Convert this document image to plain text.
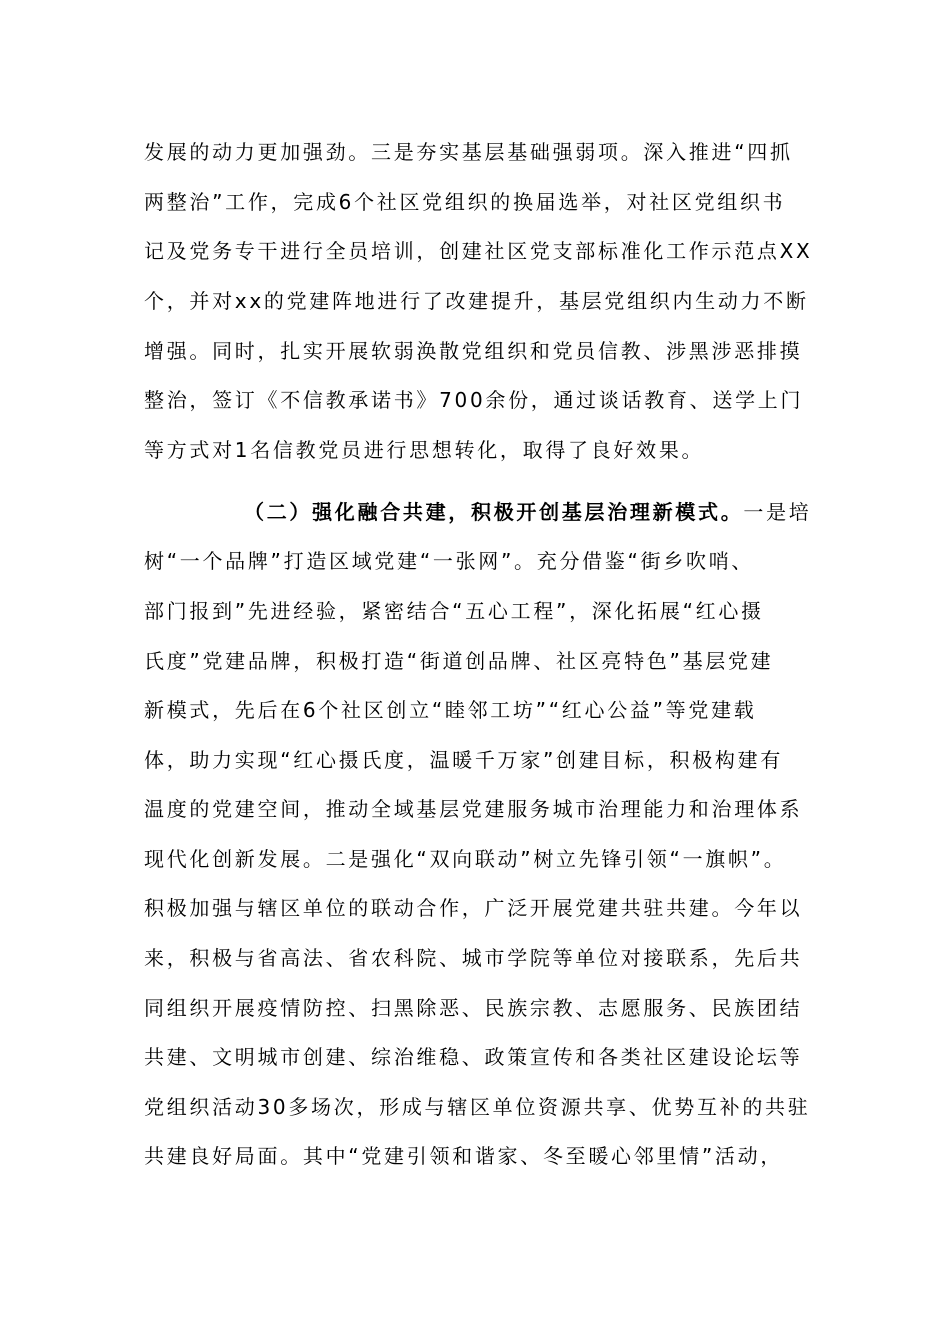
发展的动力更加强劲。三是夯实基层基础强弱项。深入推进“四抓
两整治”工作，完成6个社区党组织的换届选举，对社区党组织书
记及党务专干进行全员培训，创建社区党支部标准化工作示范点XX
个，并对xx的党建阵地进行了改建提升，基层党组织内生动力不断
增强。同时，扎实开展软弱涣散党组织和党员信教、涉黑涉恶排摸
整治，签订《不信教承诺书》700余份，通过谈话教育、送学上门
等方式对1名信教党员进行思想转化，取得了良好效果。
（二）强化融合共建，积极开创基层治理新模式。一是培
树“一个品牌”打造区域党建“一张网”。充分借鉴“街乡吹哨、
部门报到”先进经验，紧密结合“五心工程”，深化拓展“红心摄
氏度”党建品牌，积极打造“街道创品牌、社区亮特色”基层党建
新模式，先后在6个社区创立“睦邻工坊”“红心公益”等党建载
体，助力实现“红心摄氏度，温暖千万家”创建目标，积极构建有
温度的党建空间，推动全域基层党建服务城市治理能力和治理体系
现代化创新发展。二是强化“双向联动”树立先锋引领“一旗帜”。
积极加强与辖区单位的联动合作，广泛开展党建共驻共建。今年以
来，积极与省高法、省农科院、城市学院等单位对接联系，先后共
同组织开展疫情防控、扫黑除恶、民族宗教、志愿服务、民族团结
共建、文明城市创建、综治维稳、政策宣传和各类社区建设论坛等
党组织活动30多场次，形成与辖区单位资源共享、优势互补的共驻
共建良好局面。其中“党建引领和谐家、冬至暖心邻里情”活动，
